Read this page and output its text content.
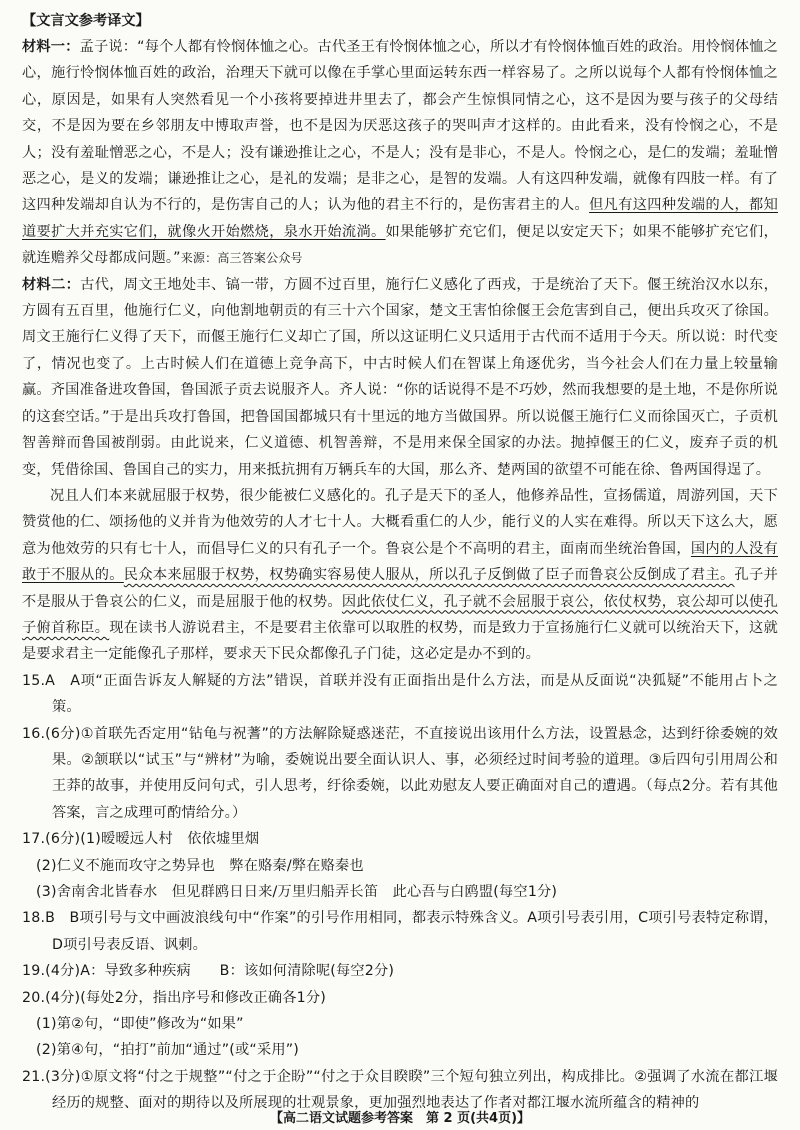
【文言文参考译文】

材料一：孟子说：“每个人都有怜悯体恤之心。古代圣王有怜悯体恤之心，所以才有怜悯体恤百姓的政治。用怜悯体恤之心，施行怜悯体恤百姓的政治，治理天下就可以像在手掌心里面运转东西一样容易了。之所以说每个人都有怜悯体恤之心，原因是，如果有人突然看见一个小孩将要掉进井里去了，都会产生惊惧同情之心，这不是因为要与孩子的父母结交，不是因为要在乡邻朋友中博取声誉，也不是因为厌恶这孩子的哭叫声才这样的。由此看来，没有怜悯之心，不是人；没有羞耻憎恶之心，不是人；没有谦逊推让之心，不是人；没有是非心，不是人。怜悯之心，是仁的发端；羞耻憎恶之心，是义的发端；谦逊推让之心，是礼的发端；是非之心，是智的发端。人有这四种发端，就像有四肢一样。有了这四种发端却自认为不行的，是伤害自己的人；认为他的君主不行的，是伤害君主的人。但凡有这四种发端的人，都知道要扩大并充实它们，就像火开始燃烧，泉水开始流淌。如果能够扩充它们，便足以安定天下；如果不能够扩充它们，就连赡养父母都成问题。”来源：高三答案公众号

材料二：古代，周文王地处丰、镐一带，方圆不过百里，施行仁义感化了西戎，于是统治了天下。偃王统治汉水以东，方圆有五百里，他施行仁义，向他割地朝贡的有三十六个国家，楚文王害怕徐偃王会危害到自己，便出兵攻灭了徐国。周文王施行仁义得了天下，而偃王施行仁义却亡了国，所以这证明仁义只适用于古代而不适用于今天。所以说：时代变了，情况也变了。上古时候人们在道德上竞争高下，中古时候人们在智谋上角逐优劣，当今社会人们在力量上较量输赢。齐国准备进攻鲁国，鲁国派子贡去说服齐人。齐人说：“你的话说得不是不巧妙，然而我想要的是土地，不是你所说的这套空话。”于是出兵攻打鲁国，把鲁国国都城只有十里远的地方当做国界。所以说偃王施行仁义而徐国灭亡，子贡机智善辩而鲁国被削弱。由此说来，仁义道德、机智善辩，不是用来保全国家的办法。抛掉偃王的仁义，废弃子贡的机变，凭借徐国、鲁国自己的实力，用来抵抗拥有万辆兵车的大国，那么齐、楚两国的欲望不可能在徐、鲁两国得逞了。

况且人们本来就屈服于权势，很少能被仁义感化的。孔子是天下的圣人，他修养品性，宣扬儒道，周游列国，天下赞赏他的仁、颂扬他的义并肯为他效劳的人才七十人。大概看重仁的人少，能行义的人实在难得。所以天下这么大，愿意为他效劳的只有七十人，而倡导仁义的只有孔子一个。鲁哀公是个不高明的君主，面南而坐统治鲁国，国内的人没有敢于不服从的。民众本来屈服于权势，权势确实容易使人服从，所以孔子反倒做了臣子而鲁哀公反倒成了君主。孔子并不是服从于鲁哀公的仁义，而是屈服于他的权势。因此依仗仁义，孔子就不会屈服于哀公，依仗权势，哀公却可以使孔子俯首称臣。现在读书人游说君主，不是要君主依靠可以取胜的权势，而是致力于宣扬施行仁义就可以统治天下，这就是要求君主一定能像孔子那样，要求天下民众都像孔子门徒，这必定是办不到的。

15.A　A项“正面告诉友人解疑的方法”错误，首联并没有正面指出是什么方法，而是从反面说“决狐疑”不能用占卜之策。

16.(6分)①首联先否定用“钻龟与祝蓍”的方法解除疑惑迷茫，不直接说出该用什么方法，设置悬念，达到纡徐委婉的效果。②颔联以“试玉”与“辨材”为喻，委婉说出要全面认识人、事，必须经过时间考验的道理。③后四句引用周公和王莽的故事，并使用反问句式，引人思考，纡徐委婉，以此劝慰友人要正确面对自己的遭遇。（每点2分。若有其他答案，言之成理可酌情给分。）

17.(6分)(1)暧暧远人村　依依墟里烟

(2)仁义不施而攻守之势异也　弊在赂秦/弊在赂秦也

(3)舍南舍北皆春水　但见群鸥日日来/万里归船弄长笛　此心吾与白鸥盟(每空1分)

18.B　B项引号与文中画波浪线句中“作案”的引号作用相同，都表示特殊含义。A项引号表引用，C项引号表特定称谓，D项引号表反语、讽刺。

19.(4分)A：导致多种疾病　　B：该如何清除呢(每空2分)

20.(4分)(每处2分，指出序号和修改正确各1分)

(1)第②句，“即使”修改为“如果”

(2)第④句，“拍打”前加“通过”(或“采用”)

21.(3分)①原文将“付之于规整”“付之于企盼”“付之于众目睽睽”三个短句独立列出，构成排比。②强调了水流在都江堰经历的规整、面对的期待以及所展现的壮观景象，更加强烈地表达了作者对都江堰水流所蕴含的精神的

【高二语文试题参考答案　第 2 页(共4页)】
